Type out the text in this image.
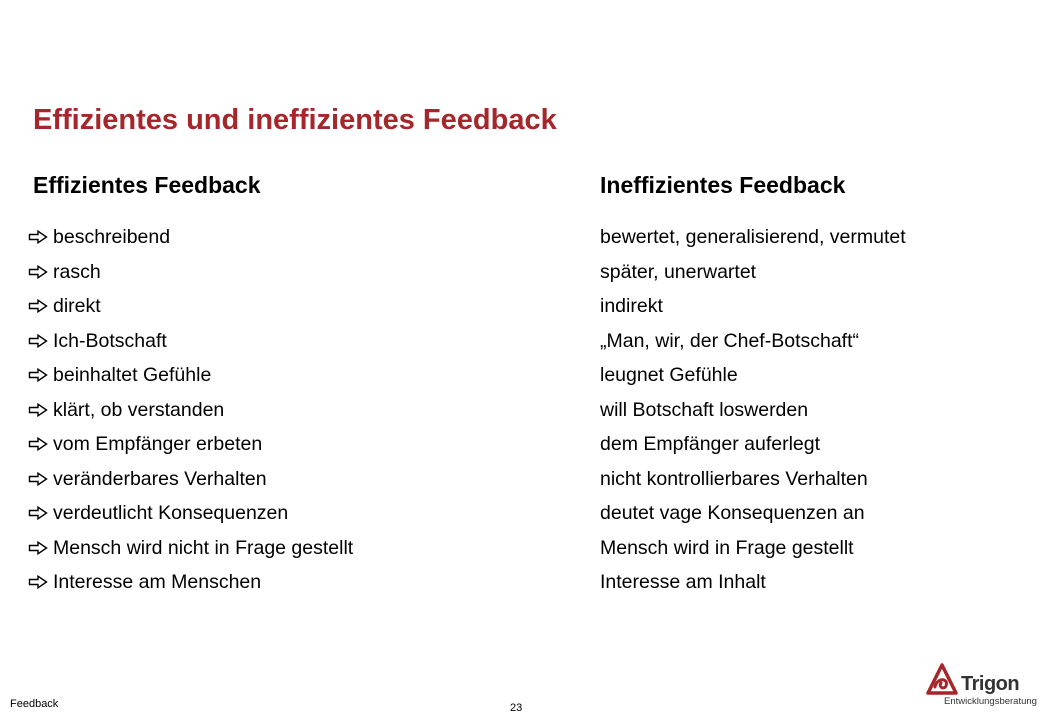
Effizientes und ineffizientes Feedback
Effizientes Feedback	Ineffizientes Feedback
beschreibend
rasch
direkt
Ich-Botschaft
beinhaltet Gefühle
klärt, ob verstanden
vom Empfänger erbeten
veränderbares Verhalten
verdeutlicht Konsequenzen
Mensch wird nicht in Frage gestellt
Interesse am Menschen
bewertet, generalisierend, vermutet
später, unerwartet
indirekt
„Man, wir, der Chef-Botschaft“
leugnet Gefühle
will Botschaft loswerden
dem Empfänger auferlegt
nicht kontrollierbares Verhalten
deutet vage Konsequenzen an
Mensch wird in Frage gestellt
Interesse am Inhalt
Feedback	23
Trigon
Entwicklungsberatung
